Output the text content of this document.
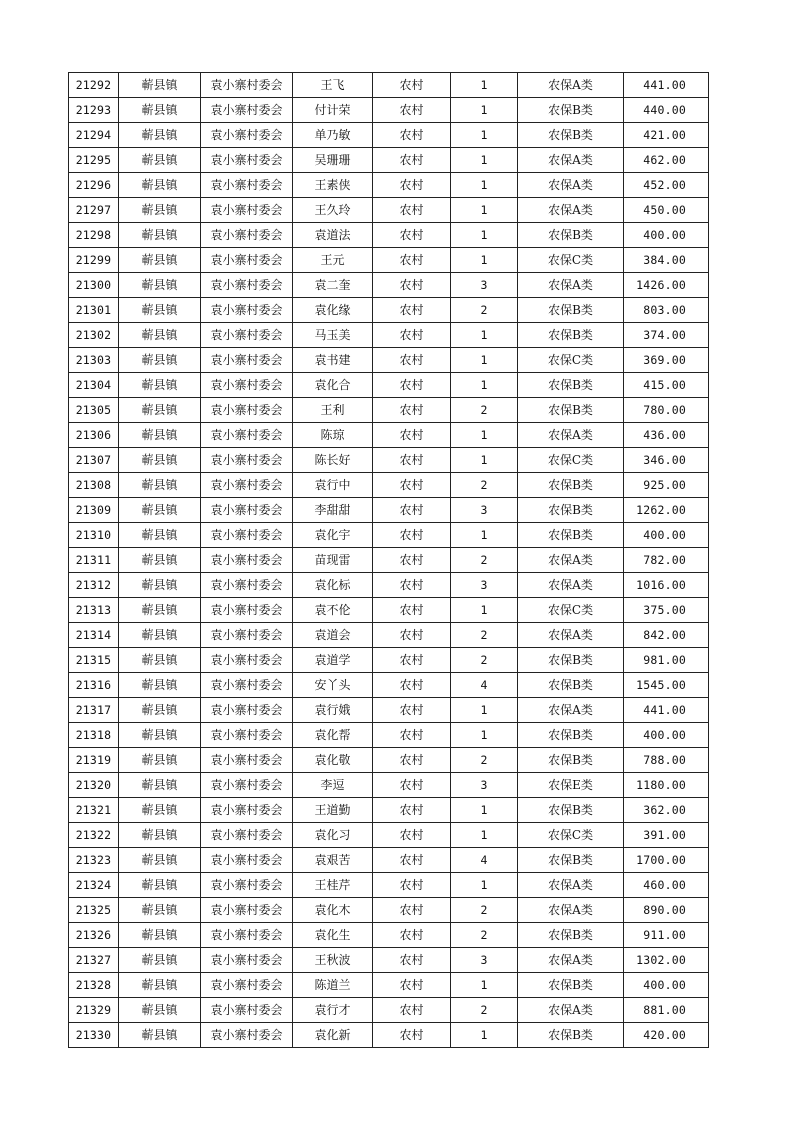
21292	蕲县镇	袁小寨村委会	王飞	农村	1	农保A类	441.00
21293	蕲县镇	袁小寨村委会	付计荣	农村	1	农保B类	440.00
21294	蕲县镇	袁小寨村委会	单乃敏	农村	1	农保B类	421.00
21295	蕲县镇	袁小寨村委会	吴珊珊	农村	1	农保A类	462.00
21296	蕲县镇	袁小寨村委会	王素侠	农村	1	农保A类	452.00
21297	蕲县镇	袁小寨村委会	王久玲	农村	1	农保A类	450.00
21298	蕲县镇	袁小寨村委会	袁道法	农村	1	农保B类	400.00
21299	蕲县镇	袁小寨村委会	王元	农村	1	农保C类	384.00
21300	蕲县镇	袁小寨村委会	袁二奎	农村	3	农保A类	1426.00
21301	蕲县镇	袁小寨村委会	袁化缘	农村	2	农保B类	803.00
21302	蕲县镇	袁小寨村委会	马玉美	农村	1	农保B类	374.00
21303	蕲县镇	袁小寨村委会	袁书建	农村	1	农保C类	369.00
21304	蕲县镇	袁小寨村委会	袁化合	农村	1	农保B类	415.00
21305	蕲县镇	袁小寨村委会	王利	农村	2	农保B类	780.00
21306	蕲县镇	袁小寨村委会	陈琼	农村	1	农保A类	436.00
21307	蕲县镇	袁小寨村委会	陈长好	农村	1	农保C类	346.00
21308	蕲县镇	袁小寨村委会	袁行中	农村	2	农保B类	925.00
21309	蕲县镇	袁小寨村委会	李甜甜	农村	3	农保B类	1262.00
21310	蕲县镇	袁小寨村委会	袁化宇	农村	1	农保B类	400.00
21311	蕲县镇	袁小寨村委会	苗现雷	农村	2	农保A类	782.00
21312	蕲县镇	袁小寨村委会	袁化标	农村	3	农保A类	1016.00
21313	蕲县镇	袁小寨村委会	袁不伦	农村	1	农保C类	375.00
21314	蕲县镇	袁小寨村委会	袁道会	农村	2	农保A类	842.00
21315	蕲县镇	袁小寨村委会	袁道学	农村	2	农保B类	981.00
21316	蕲县镇	袁小寨村委会	安丫头	农村	4	农保B类	1545.00
21317	蕲县镇	袁小寨村委会	袁行娥	农村	1	农保A类	441.00
21318	蕲县镇	袁小寨村委会	袁化帮	农村	1	农保B类	400.00
21319	蕲县镇	袁小寨村委会	袁化敬	农村	2	农保B类	788.00
21320	蕲县镇	袁小寨村委会	李逗	农村	3	农保E类	1180.00
21321	蕲县镇	袁小寨村委会	王道勤	农村	1	农保B类	362.00
21322	蕲县镇	袁小寨村委会	袁化习	农村	1	农保C类	391.00
21323	蕲县镇	袁小寨村委会	袁艰苦	农村	4	农保B类	1700.00
21324	蕲县镇	袁小寨村委会	王桂芹	农村	1	农保A类	460.00
21325	蕲县镇	袁小寨村委会	袁化木	农村	2	农保A类	890.00
21326	蕲县镇	袁小寨村委会	袁化生	农村	2	农保B类	911.00
21327	蕲县镇	袁小寨村委会	王秋波	农村	3	农保A类	1302.00
21328	蕲县镇	袁小寨村委会	陈道兰	农村	1	农保B类	400.00
21329	蕲县镇	袁小寨村委会	袁行才	农村	2	农保A类	881.00
21330	蕲县镇	袁小寨村委会	袁化新	农村	1	农保B类	420.00
